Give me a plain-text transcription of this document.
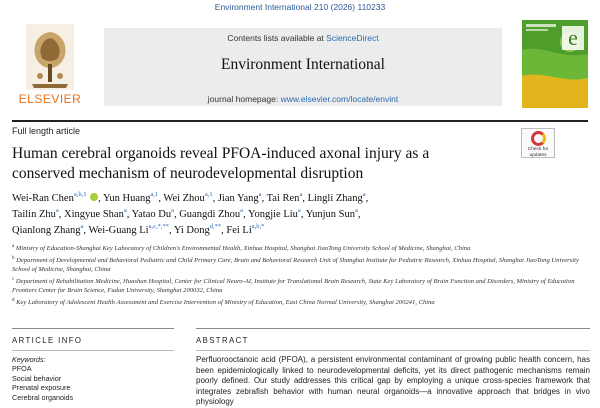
Environment International 210 (2026) 110233
ELSEVIER
Contents lists available at ScienceDirect
Environment International
journal homepage: www.elsevier.com/locate/envint
e
Full length article
Check for
updates
Human cerebral organoids reveal PFOA-induced axonal injury as a
conserved mechanism of neurodevelopmental disruption
Wei-Ran Chen$^{a,b,1}$ , Yun Huang$^{a,1}$, Wei Zhou$^{a,1}$, Jian Yang$^a$, Tai Ren$^a$, Lingli Zhang$^a$,
Tailin Zhu$^a$, Xingyue Shan$^a$, Yatao Du$^a$, Guangdi Zhou$^a$, Yongjie Liu$^a$, Yunjun Sun$^a$,
Qianlong Zhang$^a$, Wei-Guang $Li^{a,c,*,**}$, Yi Dong$^{d,**}$, Fei $Li^{a,b,*}$
$^a$ Ministry of Education-Shanghai Key Laboratory of Children's Environmental Health, Xinhua Hospital, Shanghai JiaoTong University School of Medicine, Shanghai, China
$^b$ Department of Developmental and Behavioral Pediatric and Child Primary Care, Brain and Behavioral Research Unit of Shanghai Institute for Pediatric Research, Xinhua Hospital, Shanghai JiaoTong University School of Medicine, Shanghai, China
$^c$ Department of Rehabilitation Medicine, Huashan Hospital, Center for Clinical Neuro-AI, Institute for Translational Brain Research, State Key Laboratory of Brain Function and Disorders, Ministry of Education Frontiers Center for Brain Science, Fudan University, Shanghai 200032, China
$^d$ Key Laboratory of Adolescent Health Assessment and Exercise Intervention of Ministry of Education, East China Normal University, Shanghai 200241, China
ARTICLE INFO	ABSTRACT
Keywords:
PFOA
Social behavior
Prenatal exposure
Cerebral organoids
Perfluorooctanoic acid (PFOA), a persistent environmental contaminant of growing public health concern, has been epidemiologically linked to neurodevelopmental deficits, yet its direct pathogenic mechanisms remain poorly defined. Our study addresses this critical gap by employing a unique cross-species framework that integrates zebrafish behavior with human neural organoids—a innovative approach that bridges in vivo physiology
